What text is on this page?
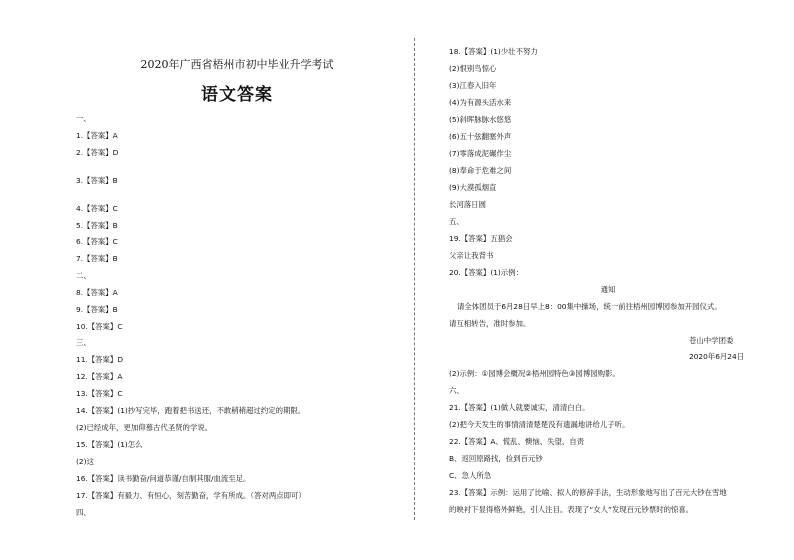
2020年广西省梧州市初中毕业升学考试
语文答案
一、
1.【答案】A
2.【答案】D
3.【答案】B
4.【答案】C
5.【答案】B
6.【答案】C
7.【答案】B
二、
8.【答案】A
9.【答案】B
10.【答案】C
三、
11.【答案】D
12.【答案】A
13.【答案】C
14.【答案】(1)抄写完毕，跑着把书送还，不敢稍稍超过约定的期限。
(2)已经成年，更加仰慕古代圣贤的学说。
15.【答案】(1)怎么
(2)这
16.【答案】读书勤奋/问道恭谨/自制其服/血流至足。
17.【答案】有毅力、有恒心，刻苦勤奋，学有所成。（答对两点即可）
四、
18.【答案】(1)少壮不努力
(2)恨别鸟惊心
(3)江春入旧年
(4)为有源头活水来
(5)斜晖脉脉水悠悠
(6)五十弦翻塞外声
(7)零落成泥碾作尘
(8)奉命于危难之间
(9)大漠孤烟直
长河落日圆
五、
19.【答案】五猖会
父亲让我背书
20.【答案】(1)示例：
通知
请全体团员于6月28日早上8：00集中操场，统一前往梧州园博园参加开园仪式。
请互相转告，准时参加。
苍山中学团委
2020年6月24日
(2)示例：①园博会概况②梧州园特色③园博园购影。
六、
21.【答案】(1)做人就要诚实，清清白白。
(2)把今天发生的事情清清楚楚没有遗漏地讲给儿子听。
22.【答案】A、慌乱、懊恼、失望、自责
B、返回原路找，捡到百元钞
C、急人所急
23.【答案】示例：运用了比喻、拟人的修辞手法，生动形象地写出了百元大钞在雪地
的映衬下显得格外鲜艳，引人注目。表现了“女人”发现百元钞票时的惊喜。
